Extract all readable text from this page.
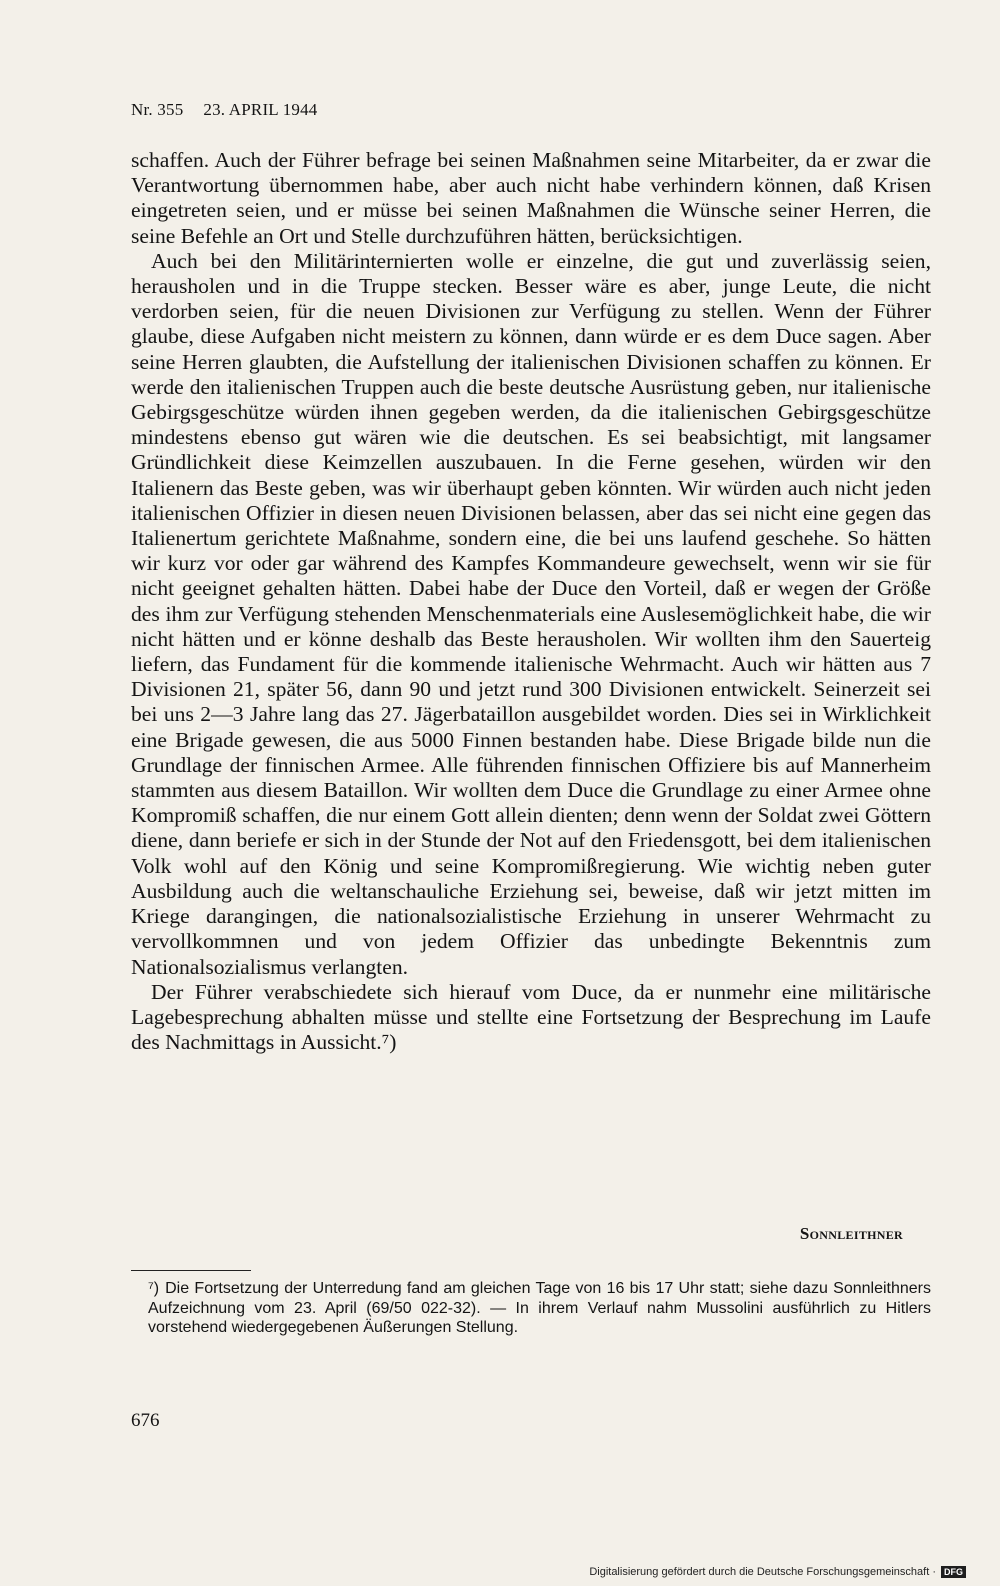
Nr. 355 23. APRIL 1944

schaffen. Auch der Führer befrage bei seinen Maßnahmen seine Mitarbeiter, da er zwar die Verantwortung übernommen habe, aber auch nicht habe verhindern können, daß Krisen eingetreten seien, und er müsse bei seinen Maßnahmen die Wünsche seiner Herren, die seine Befehle an Ort und Stelle durchzuführen hätten, berücksichtigen.

Auch bei den Militärinternierten wolle er einzelne, die gut und zuverlässig seien, herausholen und in die Truppe stecken. Besser wäre es aber, junge Leute, die nicht verdorben seien, für die neuen Divisionen zur Verfügung zu stellen. Wenn der Führer glaube, diese Aufgaben nicht meistern zu können, dann würde er es dem Duce sagen. Aber seine Herren glaubten, die Aufstellung der italienischen Divisionen schaffen zu können. Er werde den italienischen Truppen auch die beste deutsche Ausrüstung geben, nur italienische Gebirgsgeschütze würden ihnen gegeben werden, da die italienischen Gebirgsgeschütze mindestens ebenso gut wären wie die deutschen. Es sei beabsichtigt, mit langsamer Gründlichkeit diese Keimzellen auszubauen. In die Ferne gesehen, würden wir den Italienern das Beste geben, was wir überhaupt geben könnten. Wir würden auch nicht jeden italienischen Offizier in diesen neuen Divisionen belassen, aber das sei nicht eine gegen das Italienertum gerichtete Maßnahme, sondern eine, die bei uns laufend geschehe. So hätten wir kurz vor oder gar während des Kampfes Kommandeure gewechselt, wenn wir sie für nicht geeignet gehalten hätten. Dabei habe der Duce den Vorteil, daß er wegen der Größe des ihm zur Verfügung stehenden Menschenmaterials eine Auslesemöglichkeit habe, die wir nicht hätten und er könne deshalb das Beste herausholen. Wir wollten ihm den Sauerteig liefern, das Fundament für die kommende italienische Wehrmacht. Auch wir hätten aus 7 Divisionen 21, später 56, dann 90 und jetzt rund 300 Divisionen entwickelt. Seinerzeit sei bei uns 2—3 Jahre lang das 27. Jägerbataillon ausgebildet worden. Dies sei in Wirklichkeit eine Brigade gewesen, die aus 5000 Finnen bestanden habe. Diese Brigade bilde nun die Grundlage der finnischen Armee. Alle führenden finnischen Offiziere bis auf Mannerheim stammten aus diesem Bataillon. Wir wollten dem Duce die Grundlage zu einer Armee ohne Kompromiß schaffen, die nur einem Gott allein dienten; denn wenn der Soldat zwei Göttern diene, dann beriefe er sich in der Stunde der Not auf den Friedensgott, bei dem italienischen Volk wohl auf den König und seine Kompromißregierung. Wie wichtig neben guter Ausbildung auch die weltanschauliche Erziehung sei, beweise, daß wir jetzt mitten im Kriege darangingen, die nationalsozialistische Erziehung in unserer Wehrmacht zu vervollkommnen und von jedem Offizier das unbedingte Bekenntnis zum Nationalsozialismus verlangten.

Der Führer verabschiedete sich hierauf vom Duce, da er nunmehr eine militärische Lagebesprechung abhalten müsse und stellte eine Fortsetzung der Besprechung im Laufe des Nachmittags in Aussicht.⁷)

Sonnleithner
⁷) Die Fortsetzung der Unterredung fand am gleichen Tage von 16 bis 17 Uhr statt; siehe dazu Sonnleithners Aufzeichnung vom 23. April (69/50 022-32). — In ihrem Verlauf nahm Mussolini ausführlich zu Hitlers vorstehend wiedergegebenen Äußerungen Stellung.
676
Digitalisierung gefördert durch die Deutsche Forschungsgemeinschaft · DFG
